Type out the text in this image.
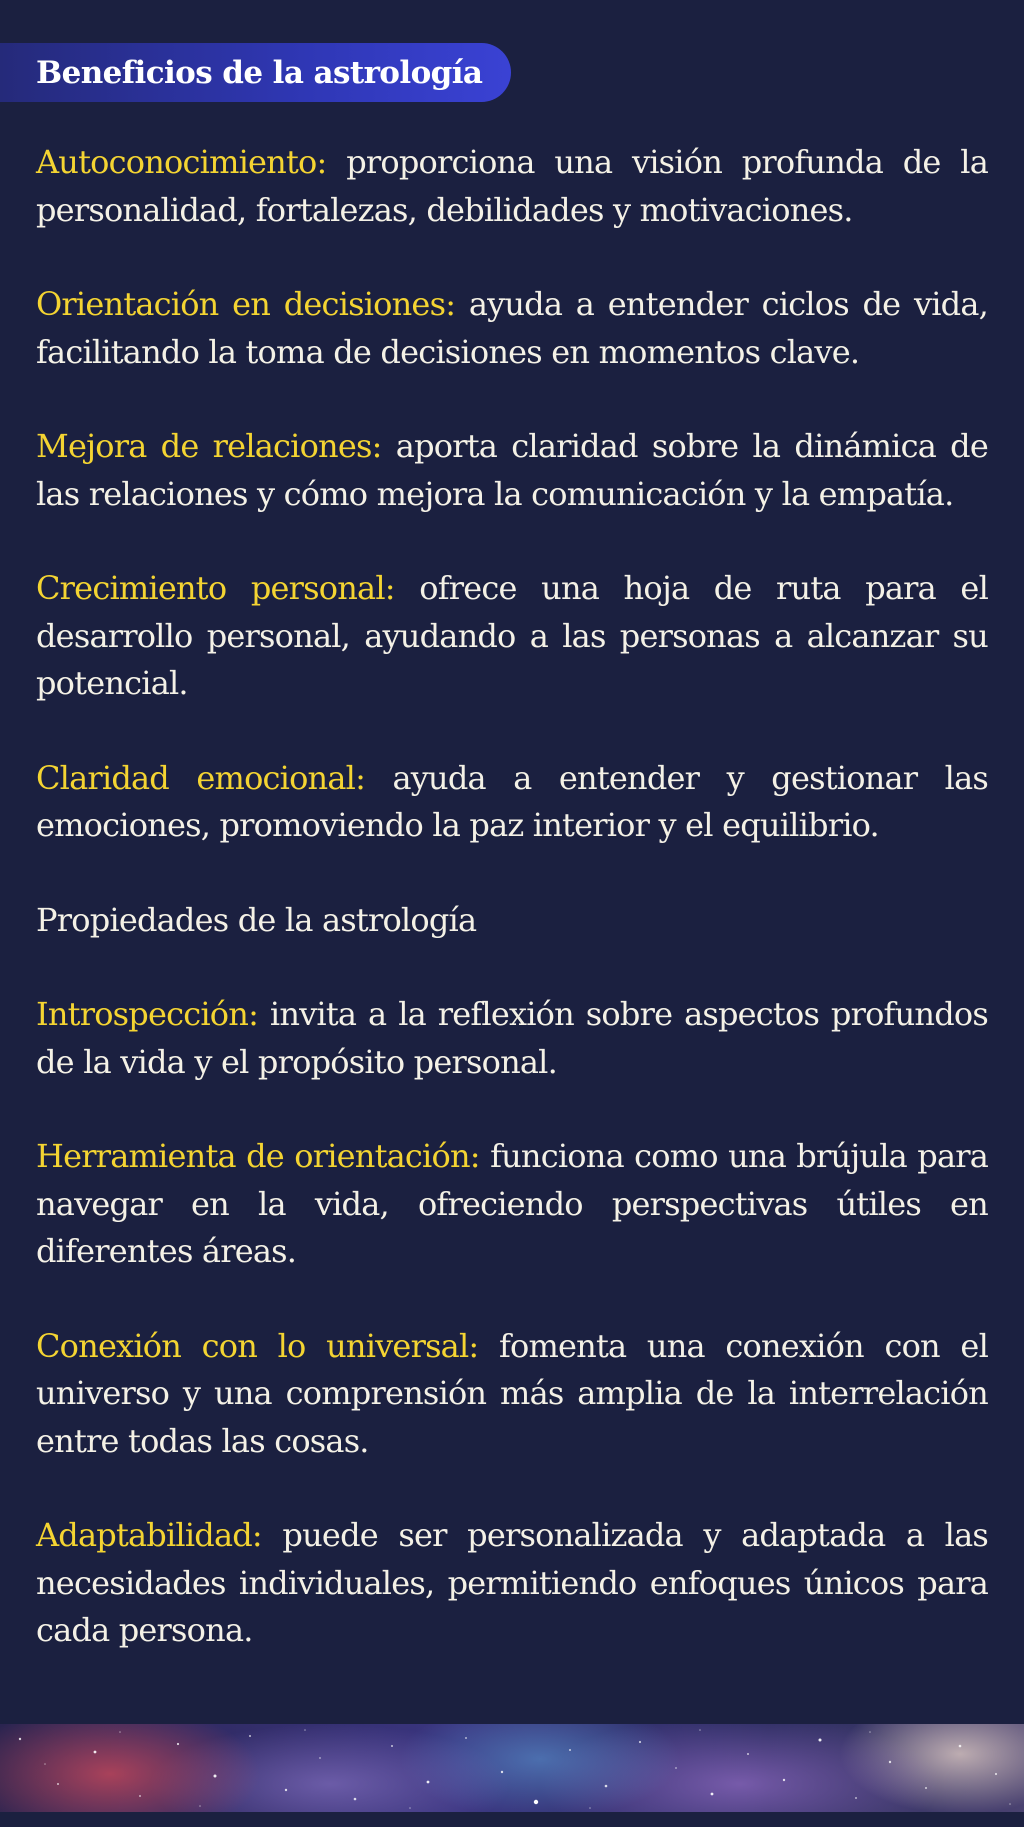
Beneficios de la astrología

Autoconocimiento: proporciona una visión profunda de la personalidad, fortalezas, debilidades y motivaciones.

Orientación en decisiones: ayuda a entender ciclos de vida, facilitando la toma de decisiones en momentos clave.

Mejora de relaciones: aporta claridad sobre la dinámica de las relaciones y cómo mejora la comunicación y la empatía.

Crecimiento personal: ofrece una hoja de ruta para el desarrollo personal, ayudando a las personas a alcanzar su potencial.

Claridad emocional: ayuda a entender y gestionar las emociones, promoviendo la paz interior y el equilibrio.

Propiedades de la astrología

Introspección: invita a la reflexión sobre aspectos profundos de la vida y el propósito personal.

Herramienta de orientación: funciona como una brújula para navegar en la vida, ofreciendo perspectivas útiles en diferentes áreas.

Conexión con lo universal: fomenta una conexión con el universo y una comprensión más amplia de la interrelación entre todas las cosas.

Adaptabilidad: puede ser personalizada y adaptada a las necesidades individuales, permitiendo enfoques únicos para cada persona.
